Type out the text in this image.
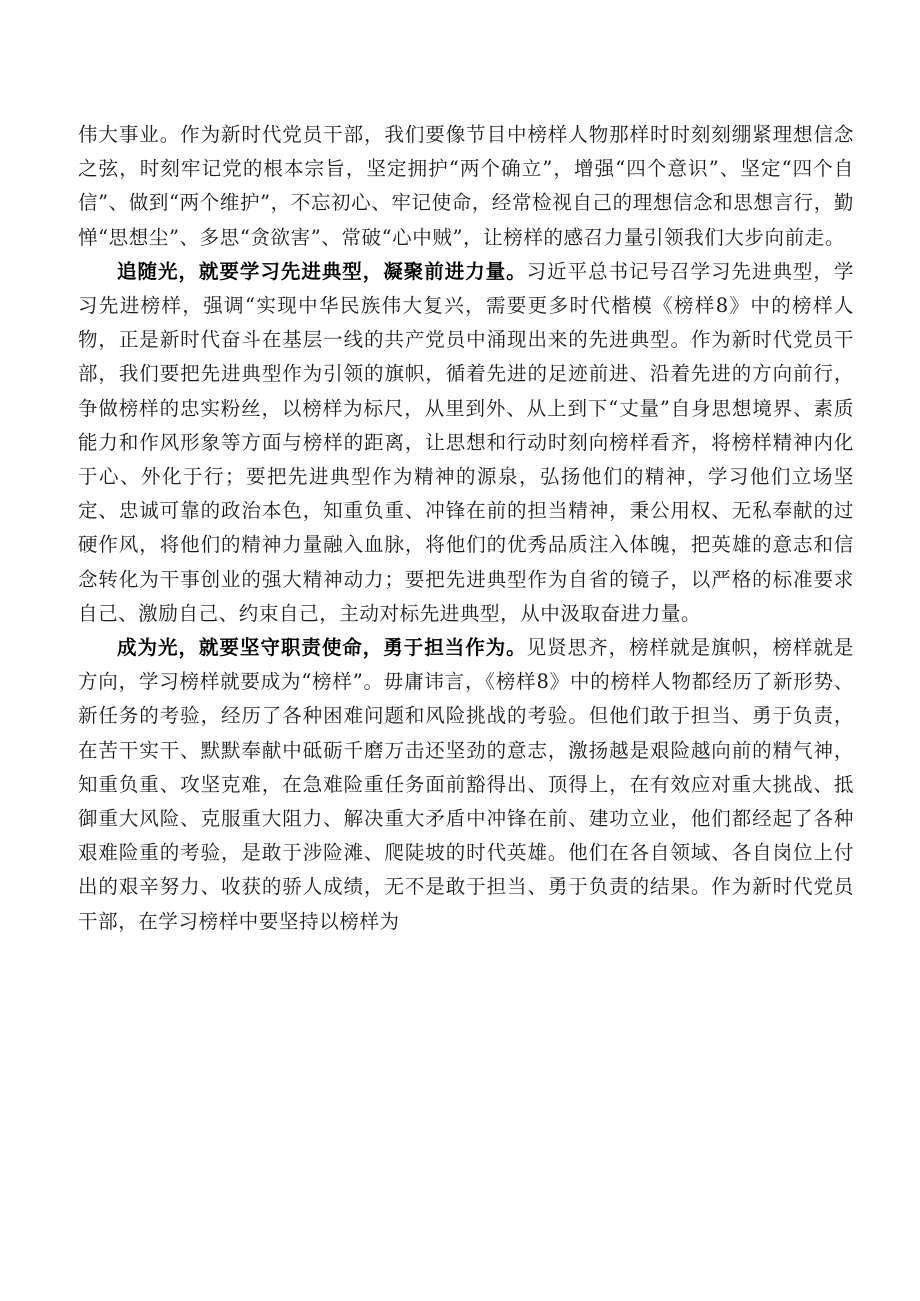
伟大事业。作为新时代党员干部，我们要像节目中榜样人物那样时时刻刻绷紧理想信念之弦，时刻牢记党的根本宗旨，坚定拥护“两个确立”，增强“四个意识”、坚定“四个自信”、做到“两个维护”，不忘初心、牢记使命，经常检视自己的理想信念和思想言行，勤惮“思想尘”、多思“贪欲害”、常破“心中贼”，让榜样的感召力量引领我们大步向前走。

追随光，就要学习先进典型，凝聚前进力量。习近平总书记号召学习先进典型，学习先进榜样，强调“实现中华民族伟大复兴，需要更多时代楷模《榜样8》中的榜样人物，正是新时代奋斗在基层一线的共产党员中涌现出来的先进典型。作为新时代党员干部，我们要把先进典型作为引领的旗帜，循着先进的足迹前进、沿着先进的方向前行，争做榜样的忠实粉丝，以榜样为标尺，从里到外、从上到下“丈量”自身思想境界、素质能力和作风形象等方面与榜样的距离，让思想和行动时刻向榜样看齐，将榜样精神内化于心、外化于行；要把先进典型作为精神的源泉，弘扬他们的精神，学习他们立场坚定、忠诚可靠的政治本色，知重负重、冲锋在前的担当精神，秉公用权、无私奉献的过硬作风，将他们的精神力量融入血脉，将他们的优秀品质注入体魄，把英雄的意志和信念转化为干事创业的强大精神动力；要把先进典型作为自省的镜子，以严格的标准要求自己、激励自己、约束自己，主动对标先进典型，从中汲取奋进力量。

成为光，就要坚守职责使命，勇于担当作为。见贤思齐，榜样就是旗帜，榜样就是方向，学习榜样就要成为“榜样”。毋庸讳言，《榜样8》中的榜样人物都经历了新形势、新任务的考验，经历了各种困难问题和风险挑战的考验。但他们敢于担当、勇于负责，在苦干实干、默默奉献中砥砺千磨万击还坚劲的意志，激扬越是艰险越向前的精气神，知重负重、攻坚克难，在急难险重任务面前豁得出、顶得上，在有效应对重大挑战、抵御重大风险、克服重大阻力、解决重大矛盾中冲锋在前、建功立业，他们都经起了各种艰难险重的考验，是敢于涉险滩、爬陡坡的时代英雄。他们在各自领域、各自岗位上付出的艰辛努力、收获的骄人成绩，无不是敢于担当、勇于负责的结果。作为新时代党员干部，在学习榜样中要坚持以榜样为
